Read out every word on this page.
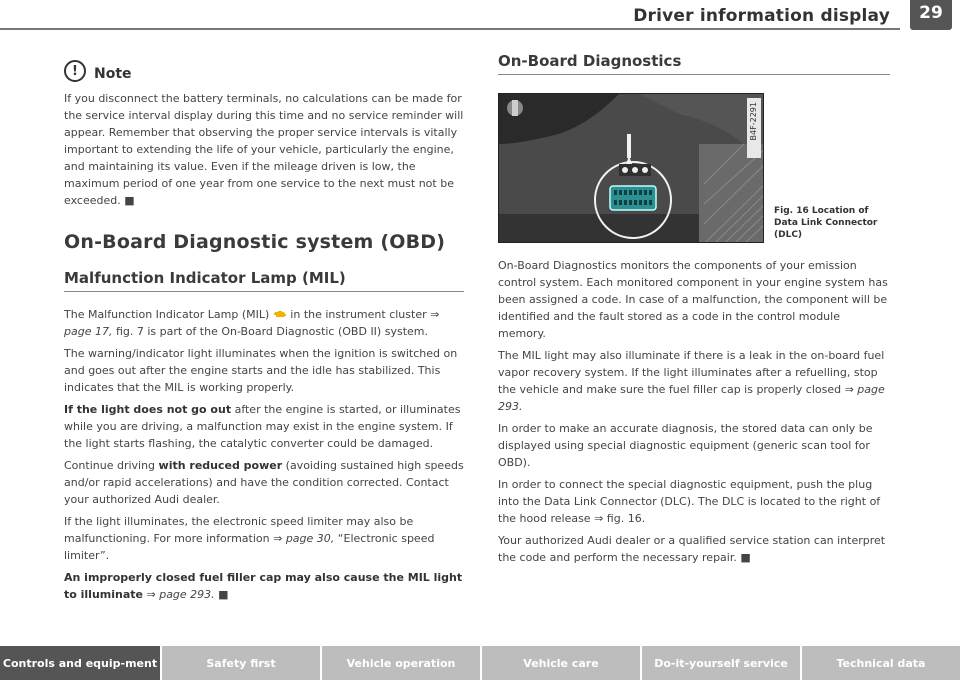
Driver information display	29
!	Note

If you disconnect the battery terminals, no calculations can be made for the service interval display during this time and no service reminder will appear. Remember that observing the proper service intervals is vitally important to extending the life of your vehicle, particularly the engine, and maintaining its value. Even if the mileage driven is low, the maximum period of one year from one service to the next must not be exceeded. ■

On-Board Diagnostic system (OBD)
Malfunction Indicator Lamp (MIL)

The Malfunction Indicator Lamp (MIL)  in the instrument cluster ⇒ page 17, fig. 7 is part of the On-Board Diagnostic (OBD II) system.

The warning/indicator light illuminates when the ignition is switched on and goes out after the engine starts and the idle has stabilized. This indicates that the MIL is working properly.

If the light does not go out after the engine is started, or illuminates while you are driving, a malfunction may exist in the engine system. If the light starts flashing, the catalytic converter could be damaged.

Continue driving with reduced power (avoiding sustained high speeds and/or rapid accelerations) and have the condition corrected. Contact your authorized Audi dealer.

If the light illuminates, the electronic speed limiter may also be malfunctioning. For more information ⇒ page 30, “Electronic speed limiter”.

An improperly closed fuel filler cap may also cause the MIL light to illuminate ⇒ page 293. ■

On-Board Diagnostics
B4F-2291
Fig. 16 Location of Data Link Connector (DLC)

On-Board Diagnostics monitors the components of your emission control system. Each monitored component in your engine system has been assigned a code. In case of a malfunction, the component will be identified and the fault stored as a code in the control module memory.

The MIL light may also illuminate if there is a leak in the on-board fuel vapor recovery system. If the light illuminates after a refuelling, stop the vehicle and make sure the fuel filler cap is properly closed ⇒ page 293.

In order to make an accurate diagnosis, the stored data can only be displayed using special diagnostic equipment (generic scan tool for OBD).

In order to connect the special diagnostic equipment, push the plug into the Data Link Connector (DLC). The DLC is located to the right of the hood release ⇒ fig. 16.

Your authorized Audi dealer or a qualified service station can interpret the code and perform the necessary repair. ■

Controls and equip-ment	Safety first	Vehicle operation	Vehicle care	Do-it-yourself service	Technical data
